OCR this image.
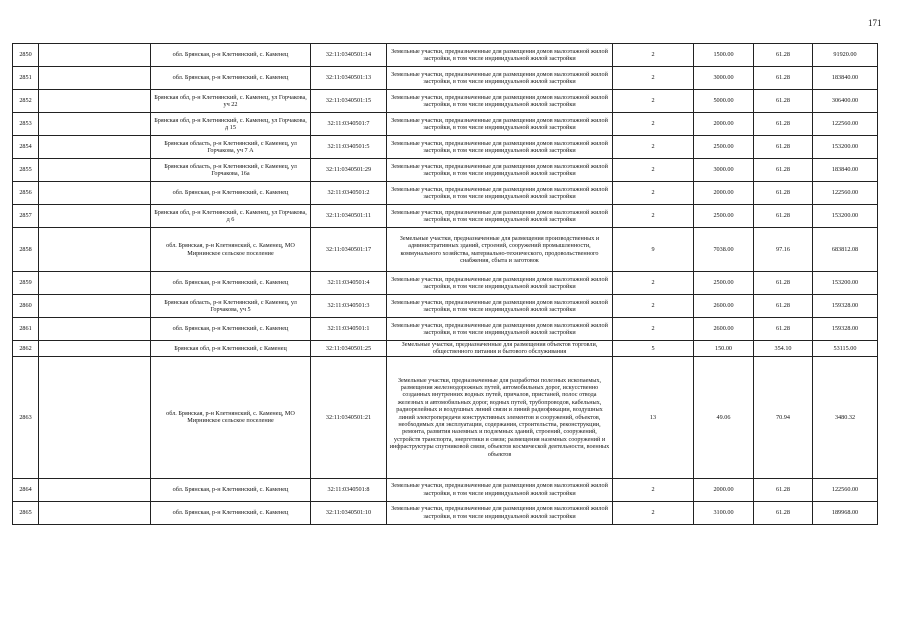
171
2850		обл. Брянская, р-н Клетнянский, с. Каменец	32:11:0340501:14	Земельные участки, предназначенные для размещения домов малоэтажной жилой застройки, в том числе индивидуальной жилой застройки	2	1500.00	61.28	91920.00
2851		обл. Брянская, р-н Клетнянский, с. Каменец	32:11:0340501:13	Земельные участки, предназначенные для размещения домов малоэтажной жилой застройки, в том числе индивидуальной жилой застройки	2	3000.00	61.28	183840.00
2852		Брянская обл, р-н Клетнянский, с. Каменец, ул Горчакова, уч 22	32:11:0340501:15	Земельные участки, предназначенные для размещения домов малоэтажной жилой застройки, в том числе индивидуальной жилой застройки	2	5000.00	61.28	306400.00
2853		Брянская обл, р-н Клетнянский, с. Каменец, ул Горчакова, д 15	32:11:0340501:7	Земельные участки, предназначенные для размещения домов малоэтажной жилой застройки, в том числе индивидуальной жилой застройки	2	2000.00	61.28	122560.00
2854		Брянская область, р-н Клетнянский, с Каменец, ул Горчакова, уч 7 А	32:11:0340501:5	Земельные участки, предназначенные для размещения домов малоэтажной жилой застройки, в том числе индивидуальной жилой застройки	2	2500.00	61.28	153200.00
2855		Брянская область, р-н Клетнянский, с Каменец, ул Горчакова, 16а	32:11:0340501:29	Земельные участки, предназначенные для размещения домов малоэтажной жилой застройки, в том числе индивидуальной жилой застройки	2	3000.00	61.28	183840.00
2856		обл. Брянская, р-н Клетнянский, с. Каменец	32:11:0340501:2	Земельные участки, предназначенные для размещения домов малоэтажной жилой застройки, в том числе индивидуальной жилой застройки	2	2000.00	61.28	122560.00
2857		Брянская обл, р-н Клетнянский, с. Каменец, ул Горчакова, д 6	32:11:0340501:11	Земельные участки, предназначенные для размещения домов малоэтажной жилой застройки, в том числе индивидуальной жилой застройки	2	2500.00	61.28	153200.00
2858		обл. Брянская, р-н Клетнянский, с. Каменец, МО Мирнинское сельское поселение	32:11:0340501:17	Земельные участки, предназначенные для размещения производственных и административных зданий, строений, сооружений промышленности, коммунального хозяйства, материально-технического, продовольственного снабжения, сбыта и заготовок	9	7038.00	97.16	683812.08
2859		обл. Брянская, р-н Клетнянский, с. Каменец	32:11:0340501:4	Земельные участки, предназначенные для размещения домов малоэтажной жилой застройки, в том числе индивидуальной жилой застройки	2	2500.00	61.28	153200.00
2860		Брянская область, р-н Клетнянский, с Каменец, ул Горчакова, уч 5	32:11:0340501:3	Земельные участки, предназначенные для размещения домов малоэтажной жилой застройки, в том числе индивидуальной жилой застройки	2	2600.00	61.28	159328.00
2861		обл. Брянская, р-н Клетнянский, с. Каменец	32:11:0340501:1	Земельные участки, предназначенные для размещения домов малоэтажной жилой застройки, в том числе индивидуальной жилой застройки	2	2600.00	61.28	159328.00
2862		Брянская обл, р-н Клетнянский, с Каменец	32:11:0340501:25	Земельные участки, предназначенные для размещения объектов торговли, общественного питания и бытового обслуживания	5	150.00	354.10	53115.00
2863		обл. Брянская, р-н Клетнянский, с. Каменец, МО Мирнинское сельское поселение	32:11:0340501:21	Земельные участки, предназначенные для разработки полезных ископаемых, размещения железнодорожных путей, автомобильных дорог, искусственно созданных внутренних водных путей, причалов, пристаней, полос отвода железных и автомобильных дорог, водных путей, трубопроводов, кабельных, радиорелейных и воздушных линий связи и линий радиофикации, воздушных линий электропередачи конструктивных элементов и сооружений, объектов, необходимых для эксплуатации, содержания, строительства, реконструкции, ремонта, развития наземных и подземных зданий, строений, сооружений, устройств транспорта, энергетики и связи; размещения наземных сооружений и инфраструктуры спутниковой связи, объектов космической деятельности, военных объектов	13	49.06	70.94	3480.32
2864		обл. Брянская, р-н Клетнянский, с. Каменец	32:11:0340501:8	Земельные участки, предназначенные для размещения домов малоэтажной жилой застройки, в том числе индивидуальной жилой застройки	2	2000.00	61.28	122560.00
2865		обл. Брянская, р-н Клетнянский, с. Каменец	32:11:0340501:10	Земельные участки, предназначенные для размещения домов малоэтажной жилой застройки, в том числе индивидуальной жилой застройки	2	3100.00	61.28	189968.00
